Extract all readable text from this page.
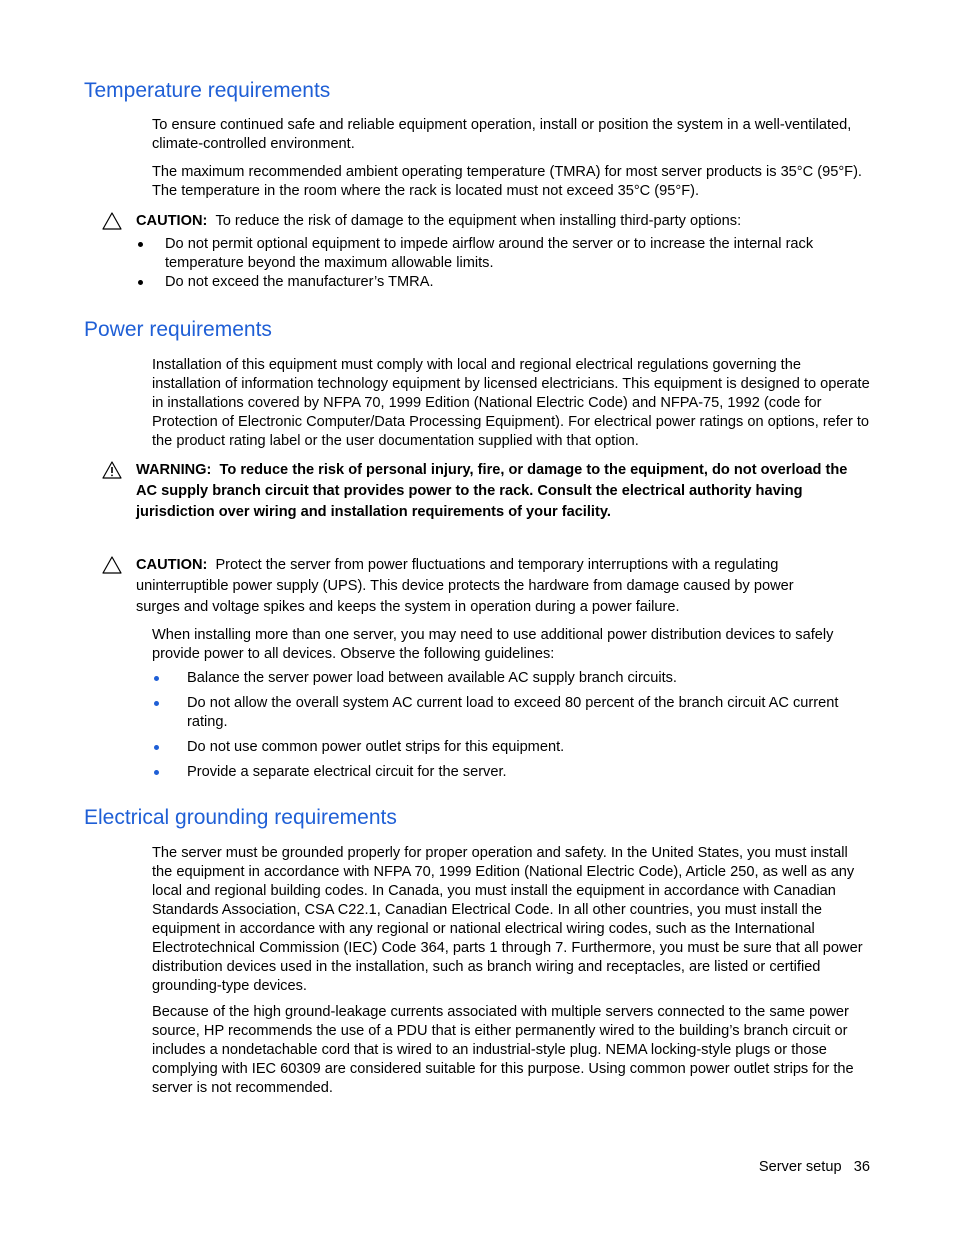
Temperature requirements

To ensure continued safe and reliable equipment operation, install or position the system in a well-ventilated, climate-controlled environment.

The maximum recommended ambient operating temperature (TMRA) for most server products is 35°C (95°F). The temperature in the room where the rack is located must not exceed 35°C (95°F).

CAUTION: To reduce the risk of damage to the equipment when installing third-party options:

Do not permit optional equipment to impede airflow around the server or to increase the internal rack temperature beyond the maximum allowable limits.
Do not exceed the manufacturer’s TMRA.
Power requirements

Installation of this equipment must comply with local and regional electrical regulations governing the installation of information technology equipment by licensed electricians. This equipment is designed to operate in installations covered by NFPA 70, 1999 Edition (National Electric Code) and NFPA-75, 1992 (code for Protection of Electronic Computer/Data Processing Equipment). For electrical power ratings on options, refer to the product rating label or the user documentation supplied with that option.

WARNING: To reduce the risk of personal injury, fire, or damage to the equipment, do not overload the AC supply branch circuit that provides power to the rack. Consult the electrical authority having jurisdiction over wiring and installation requirements of your facility.

CAUTION: Protect the server from power fluctuations and temporary interruptions with a regulating uninterruptible power supply (UPS). This device protects the hardware from damage caused by power surges and voltage spikes and keeps the system in operation during a power failure.

When installing more than one server, you may need to use additional power distribution devices to safely provide power to all devices. Observe the following guidelines:

Balance the server power load between available AC supply branch circuits.
Do not allow the overall system AC current load to exceed 80 percent of the branch circuit AC current rating.
Do not use common power outlet strips for this equipment.
Provide a separate electrical circuit for the server.
Electrical grounding requirements

The server must be grounded properly for proper operation and safety. In the United States, you must install the equipment in accordance with NFPA 70, 1999 Edition (National Electric Code), Article 250, as well as any local and regional building codes. In Canada, you must install the equipment in accordance with Canadian Standards Association, CSA C22.1, Canadian Electrical Code. In all other countries, you must install the equipment in accordance with any regional or national electrical wiring codes, such as the International Electrotechnical Commission (IEC) Code 364, parts 1 through 7. Furthermore, you must be sure that all power distribution devices used in the installation, such as branch wiring and receptacles, are listed or certified grounding-type devices.

Because of the high ground-leakage currents associated with multiple servers connected to the same power source, HP recommends the use of a PDU that is either permanently wired to the building’s branch circuit or includes a nondetachable cord that is wired to an industrial-style plug. NEMA locking-style plugs or those complying with IEC 60309 are considered suitable for this purpose. Using common power outlet strips for the server is not recommended.

Server setup 36
